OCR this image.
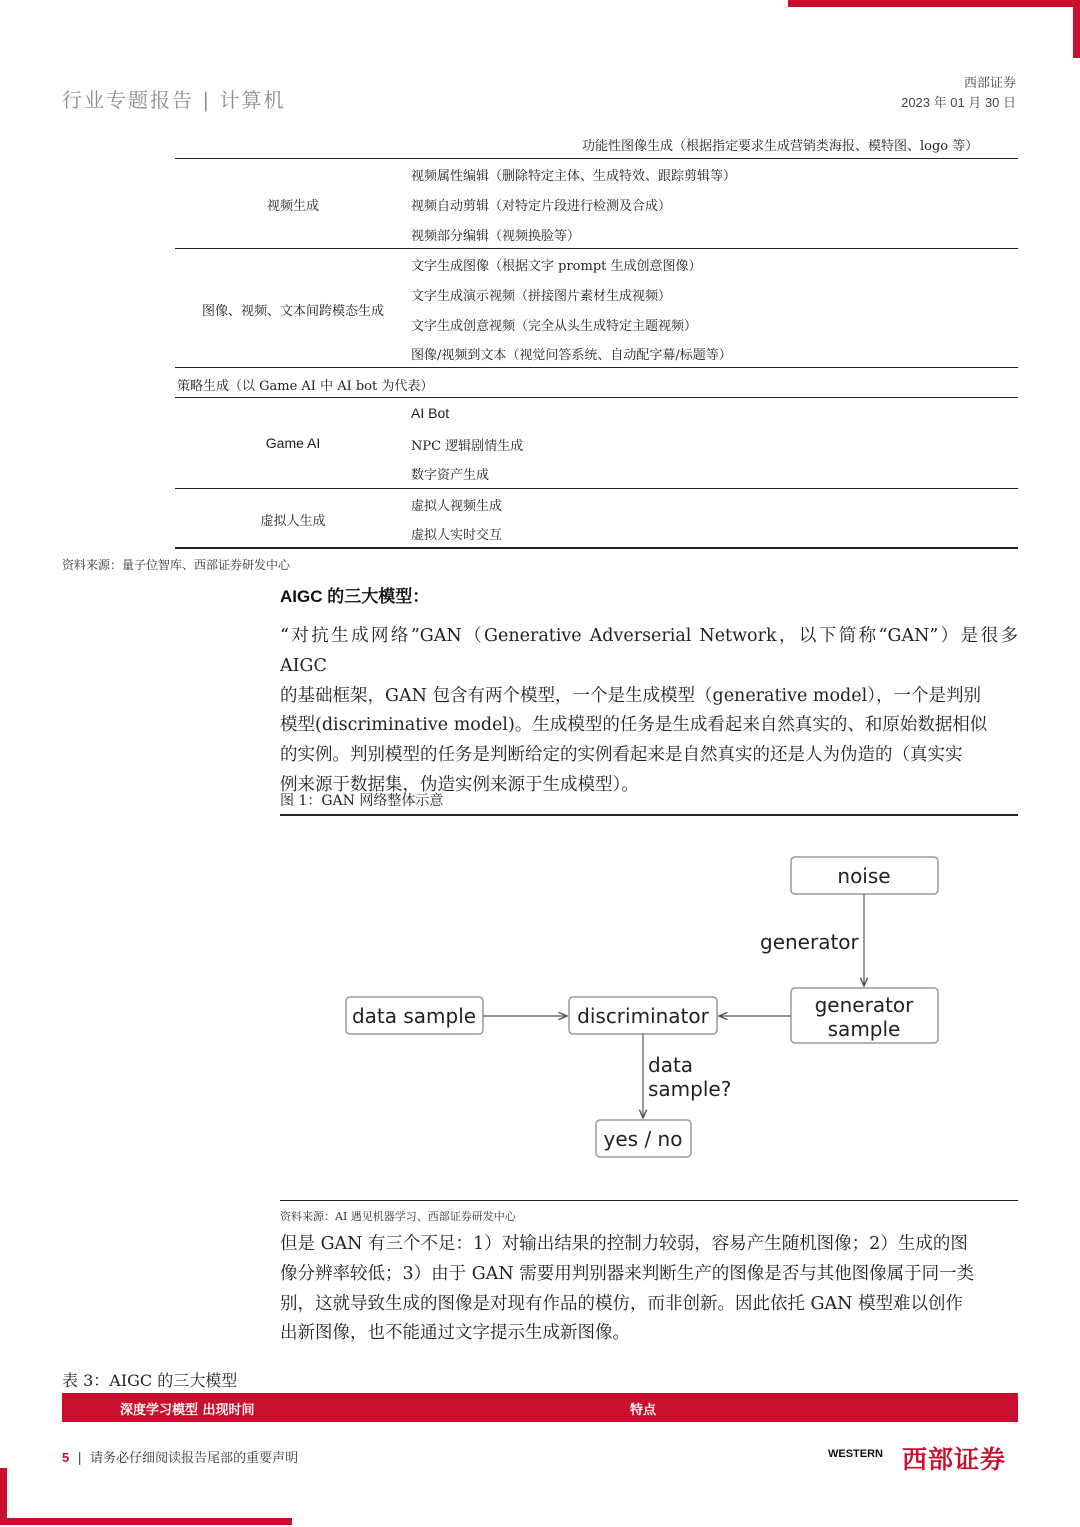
行业专题报告 | 计算机
西部证券
2023 年 01 月 30 日
功能性图像生成（根据指定要求生成营销类海报、模特图、logo 等）
视频生成
视频属性编辑（删除特定主体、生成特效、跟踪剪辑等）
视频自动剪辑（对特定片段进行检测及合成）
视频部分编辑（视频换脸等）
图像、视频、文本间跨模态生成
文字生成图像（根据文字 prompt 生成创意图像）
文字生成演示视频（拼接图片素材生成视频）
文字生成创意视频（完全从头生成特定主题视频）
图像/视频到文本（视觉问答系统、自动配字幕/标题等）
策略生成（以 Game AI 中 AI bot 为代表）
Game AI
AI Bot
NPC 逻辑剧情生成
数字资产生成
虚拟人生成
虚拟人视频生成
虚拟人实时交互
资料来源：量子位智库、西部证券研发中心
AIGC 的三大模型：
“对抗生成网络”GAN（Generative Adverserial Network，以下简称“GAN”）是很多 AIGC
的基础框架，GAN 包含有两个模型，一个是生成模型（generative model），一个是判别
模型(discriminative model)。生成模型的任务是生成看起来自然真实的、和原始数据相似
的实例。判别模型的任务是判断给定的实例看起来是自然真实的还是人为伪造的（真实实
例来源于数据集，伪造实例来源于生成模型）。
图 1：GAN 网络整体示意
noise
generator
generator
sample
discriminator
data sample
data
sample?
yes / no
资料来源：AI 遇见机器学习、西部证券研发中心
但是 GAN 有三个不足：1）对输出结果的控制力较弱，容易产生随机图像；2）生成的图
像分辨率较低；3）由于 GAN 需要用判别器来判断生产的图像是否与其他图像属于同一类
别，这就导致生成的图像是对现有作品的模仿，而非创新。因此依托 GAN 模型难以创作
出新图像，也不能通过文字提示生成新图像。
表 3：AIGC 的三大模型
深度学习模型 出现时间	特点
5  |  请务必仔细阅读报告尾部的重要声明	WESTERN 西部证券
